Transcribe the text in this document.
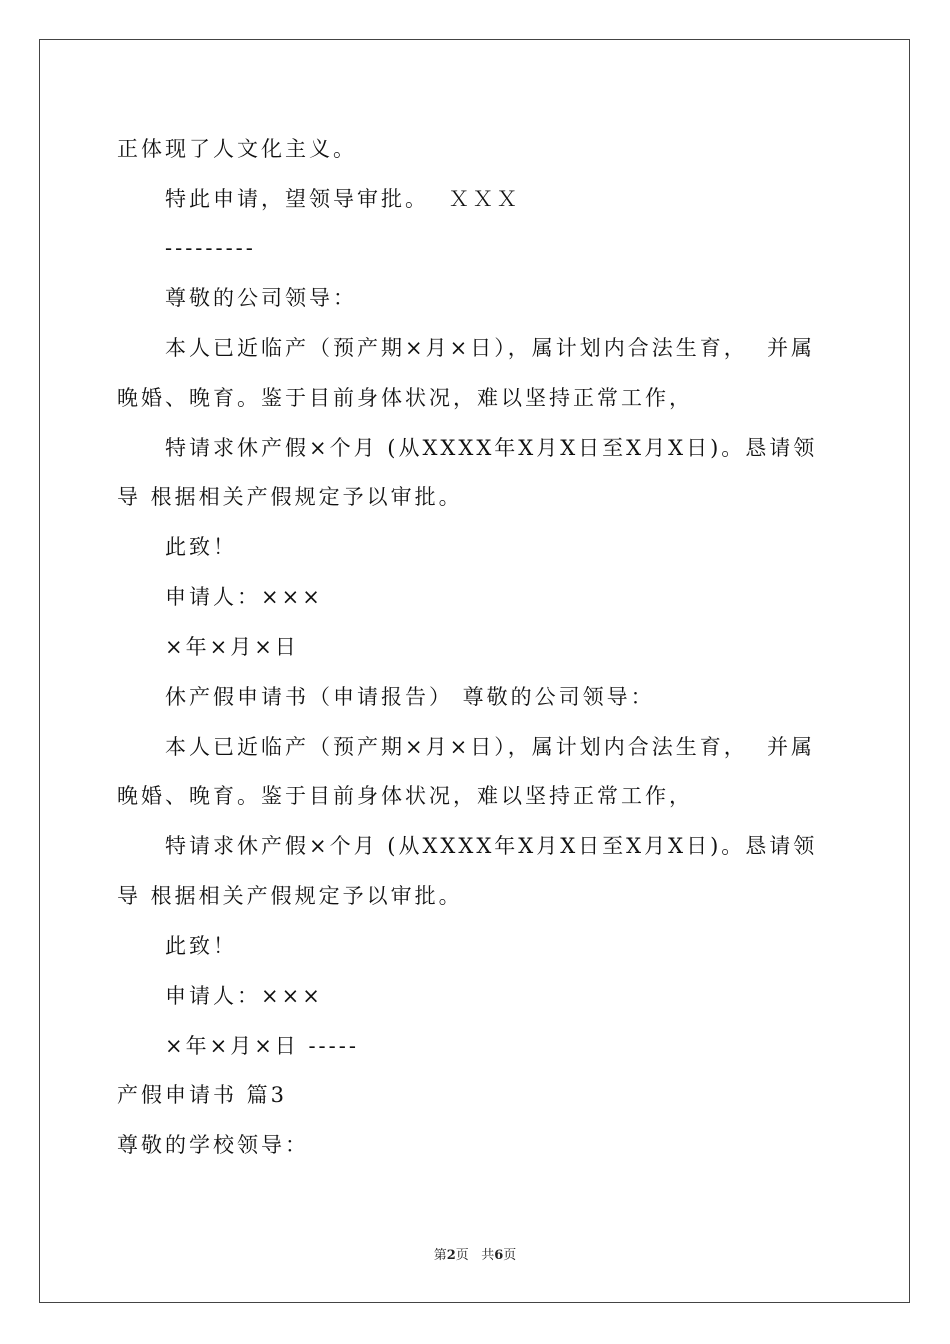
正体现了人文化主义。
特此申请，望领导审批。  ＸＸＸ
---------
尊敬的公司领导：
本人已近临产（预产期×月×日），属计划内合法生育，  并属
晚婚、晚育。鉴于目前身体状况，难以坚持正常工作，
特请求休产假×个月 (从XXXX年X月X日至X月X日)。恳请领
导 根据相关产假规定予以审批。
此致！
申请人：×××
×年×月×日
休产假申请书（申请报告） 尊敬的公司领导：
本人已近临产（预产期×月×日），属计划内合法生育，  并属
晚婚、晚育。鉴于目前身体状况，难以坚持正常工作，
特请求休产假×个月 (从XXXX年X月X日至X月X日)。恳请领
导 根据相关产假规定予以审批。
此致！
申请人：×××
×年×月×日 -----
产假申请书 篇3
尊敬的学校领导：
第2页 共6页
